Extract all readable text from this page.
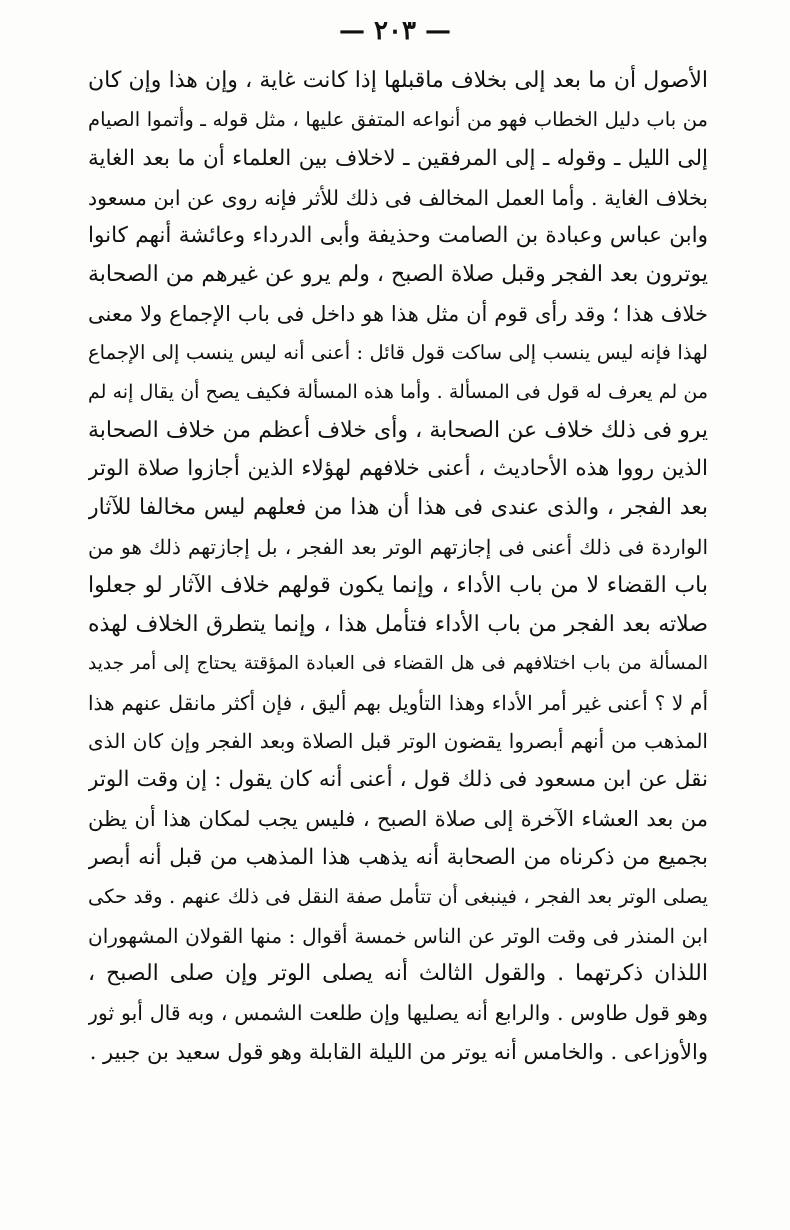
— ٢٠٣ —
الأصول أن ما بعد إلى بخلاف ماقبلها إذا كانت غاية ، وإن هذا وإن كان
من باب دليل الخطاب فهو من أنواعه المتفق عليها ، مثل قوله ـ وأتموا الصيام
إلى الليل ـ وقوله ـ إلى المرفقين ـ لاخلاف بين العلماء أن ما بعد الغاية
بخلاف الغاية . وأما العمل المخالف فى ذلك للأثر فإنه روى عن ابن مسعود
وابن عباس وعبادة بن الصامت وحذيفة وأبى الدرداء وعائشة أنهم كانوا
يوترون بعد الفجر وقبل صلاة الصبح ، ولم يرو عن غيرهم من الصحابة
خلاف هذا ؛ وقد رأى قوم أن مثل هذا هو داخل فى باب الإجماع ولا معنى
لهذا فإنه ليس ينسب إلى ساكت قول قائل : أعنى أنه ليس ينسب إلى الإجماع
من لم يعرف له قول فى المسألة . وأما هذه المسألة فكيف يصح أن يقال إنه لم
يرو فى ذلك خلاف عن الصحابة ، وأى خلاف أعظم من خلاف الصحابة
الذين رووا هذه الأحاديث ، أعنى خلافهم لهؤلاء الذين أجازوا صلاة الوتر
بعد الفجر ، والذى عندى فى هذا أن هذا من فعلهم ليس مخالفا للآثار
الواردة فى ذلك أعنى فى إجازتهم الوتر بعد الفجر ، بل إجازتهم ذلك هو من
باب القضاء لا من باب الأداء ، وإنما يكون قولهم خلاف الآثار لو جعلوا
صلاته بعد الفجر من باب الأداء فتأمل هذا ، وإنما يتطرق الخلاف لهذه
المسألة من باب اختلافهم فى هل القضاء فى العبادة المؤقتة يحتاج إلى أمر جديد
أم لا ؟ أعنى غير أمر الأداء وهذا التأويل بهم أليق ، فإن أكثر مانقل عنهم هذا
المذهب من أنهم أبصروا يقضون الوتر قبل الصلاة وبعد الفجر وإن كان الذى
نقل عن ابن مسعود فى ذلك قول ، أعنى أنه كان يقول : إن وقت الوتر
من بعد العشاء الآخرة إلى صلاة الصبح ، فليس يجب لمكان هذا أن يظن
بجميع من ذكرناه من الصحابة أنه يذهب هذا المذهب من قبل أنه أبصر
يصلى الوتر بعد الفجر ، فينبغى أن تتأمل صفة النقل فى ذلك عنهم . وقد حكى
ابن المنذر فى وقت الوتر عن الناس خمسة أقوال : منها القولان المشهوران
اللذان ذكرتهما . والقول الثالث أنه يصلى الوتر وإن صلى الصبح ،
وهو قول طاوس . والرابع أنه يصليها وإن طلعت الشمس ، وبه قال أبو ثور
والأوزاعى . والخامس أنه يوتر من الليلة القابلة وهو قول سعيد بن جبير .
